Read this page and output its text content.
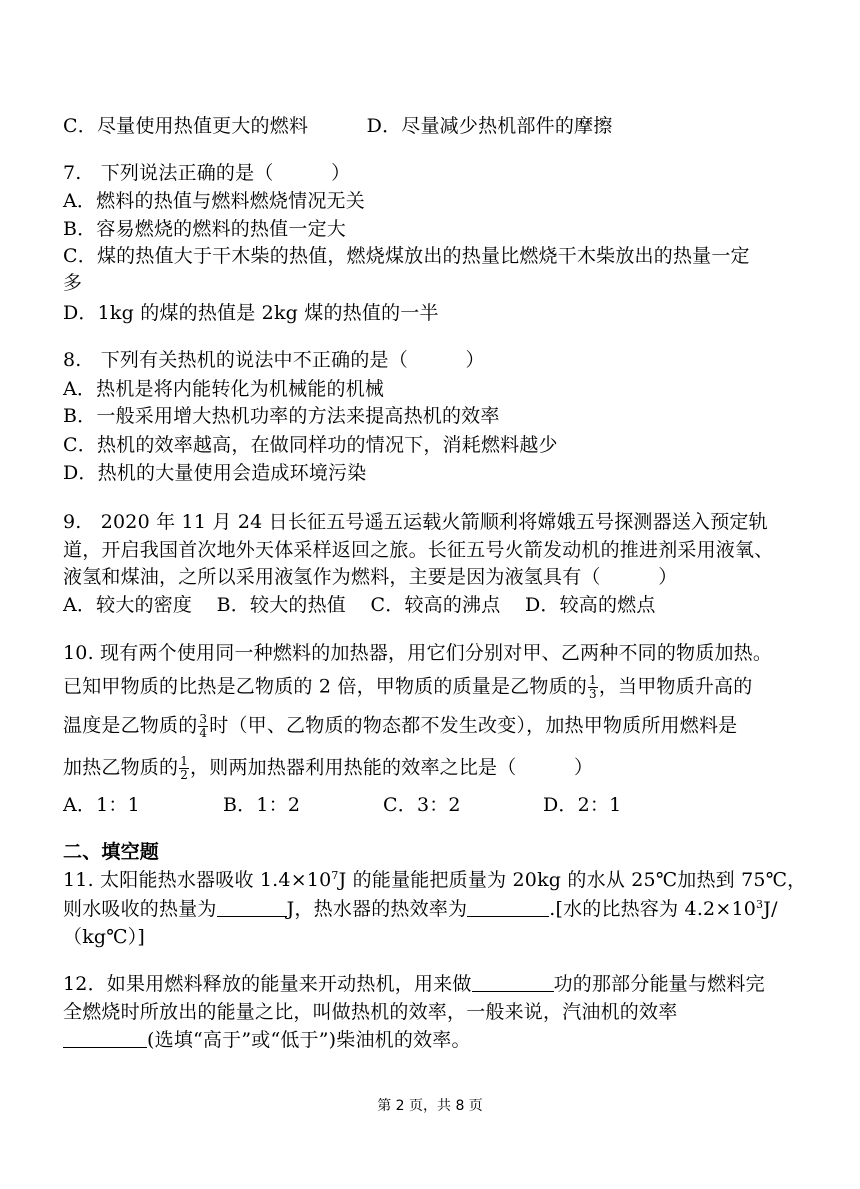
C．尽量使用热值更大的燃料	D．尽量减少热机部件的摩擦
7.　下列说法正确的是（　　　）
A．燃料的热值与燃料燃烧情况无关
B．容易燃烧的燃料的热值一定大
C．煤的热值大于干木柴的热值，燃烧煤放出的热量比燃烧干木柴放出的热量一定
多
D．1kg 的煤的热值是 2kg 煤的热值的一半
8.　下列有关热机的说法中不正确的是（　　　）
A．热机是将内能转化为机械能的机械
B．一般采用增大热机功率的方法来提高热机的效率
C．热机的效率越高，在做同样功的情况下，消耗燃料越少
D．热机的大量使用会造成环境污染
9.　2020 年 11 月 24 日长征五号遥五运载火箭顺利将嫦娥五号探测器送入预定轨
道，开启我国首次地外天体采样返回之旅。长征五号火箭发动机的推进剂采用液氧、
液氢和煤油，之所以采用液氢作为燃料，主要是因为液氢具有（　　　）
A．较大的密度 B．较大的热值 C．较高的沸点 D．较高的燃点
10. 现有两个使用同一种燃料的加热器，用它们分别对甲、乙两种不同的物质加热。
已知甲物质的比热是乙物质的 2 倍，甲物质的质量是乙物质的 $\frac{1}{3}$ ，当甲物质升高的
温度是乙物质的 $\frac{3}{4}$ 时（甲、乙物质的物态都不发生改变），加热甲物质所用燃料是
加热乙物质的 $\frac{1}{2}$ ，则两加热器利用热能的效率之比是（　　　）
A．1：1	B．1：2	C．3：2	D．2：1
二、填空题
11. 太阳能热水器吸收 $1.4\times 10^7J$ 的能量能把质量为 20kg 的水从 25℃加热到 75℃，
则水吸收的热量为	J，热水器的热效率为	.[水的比热容为 $4.2\times 10^3J/$
（kg℃）]
12．如果用燃料释放的能量来开动热机，用来做	功的那部分能量与燃料完
全燃烧时所放出的能量之比，叫做热机的效率，一般来说，汽油机的效率
(选填“高于”或“低于”)柴油机的效率。
第 2 页，共 8 页
